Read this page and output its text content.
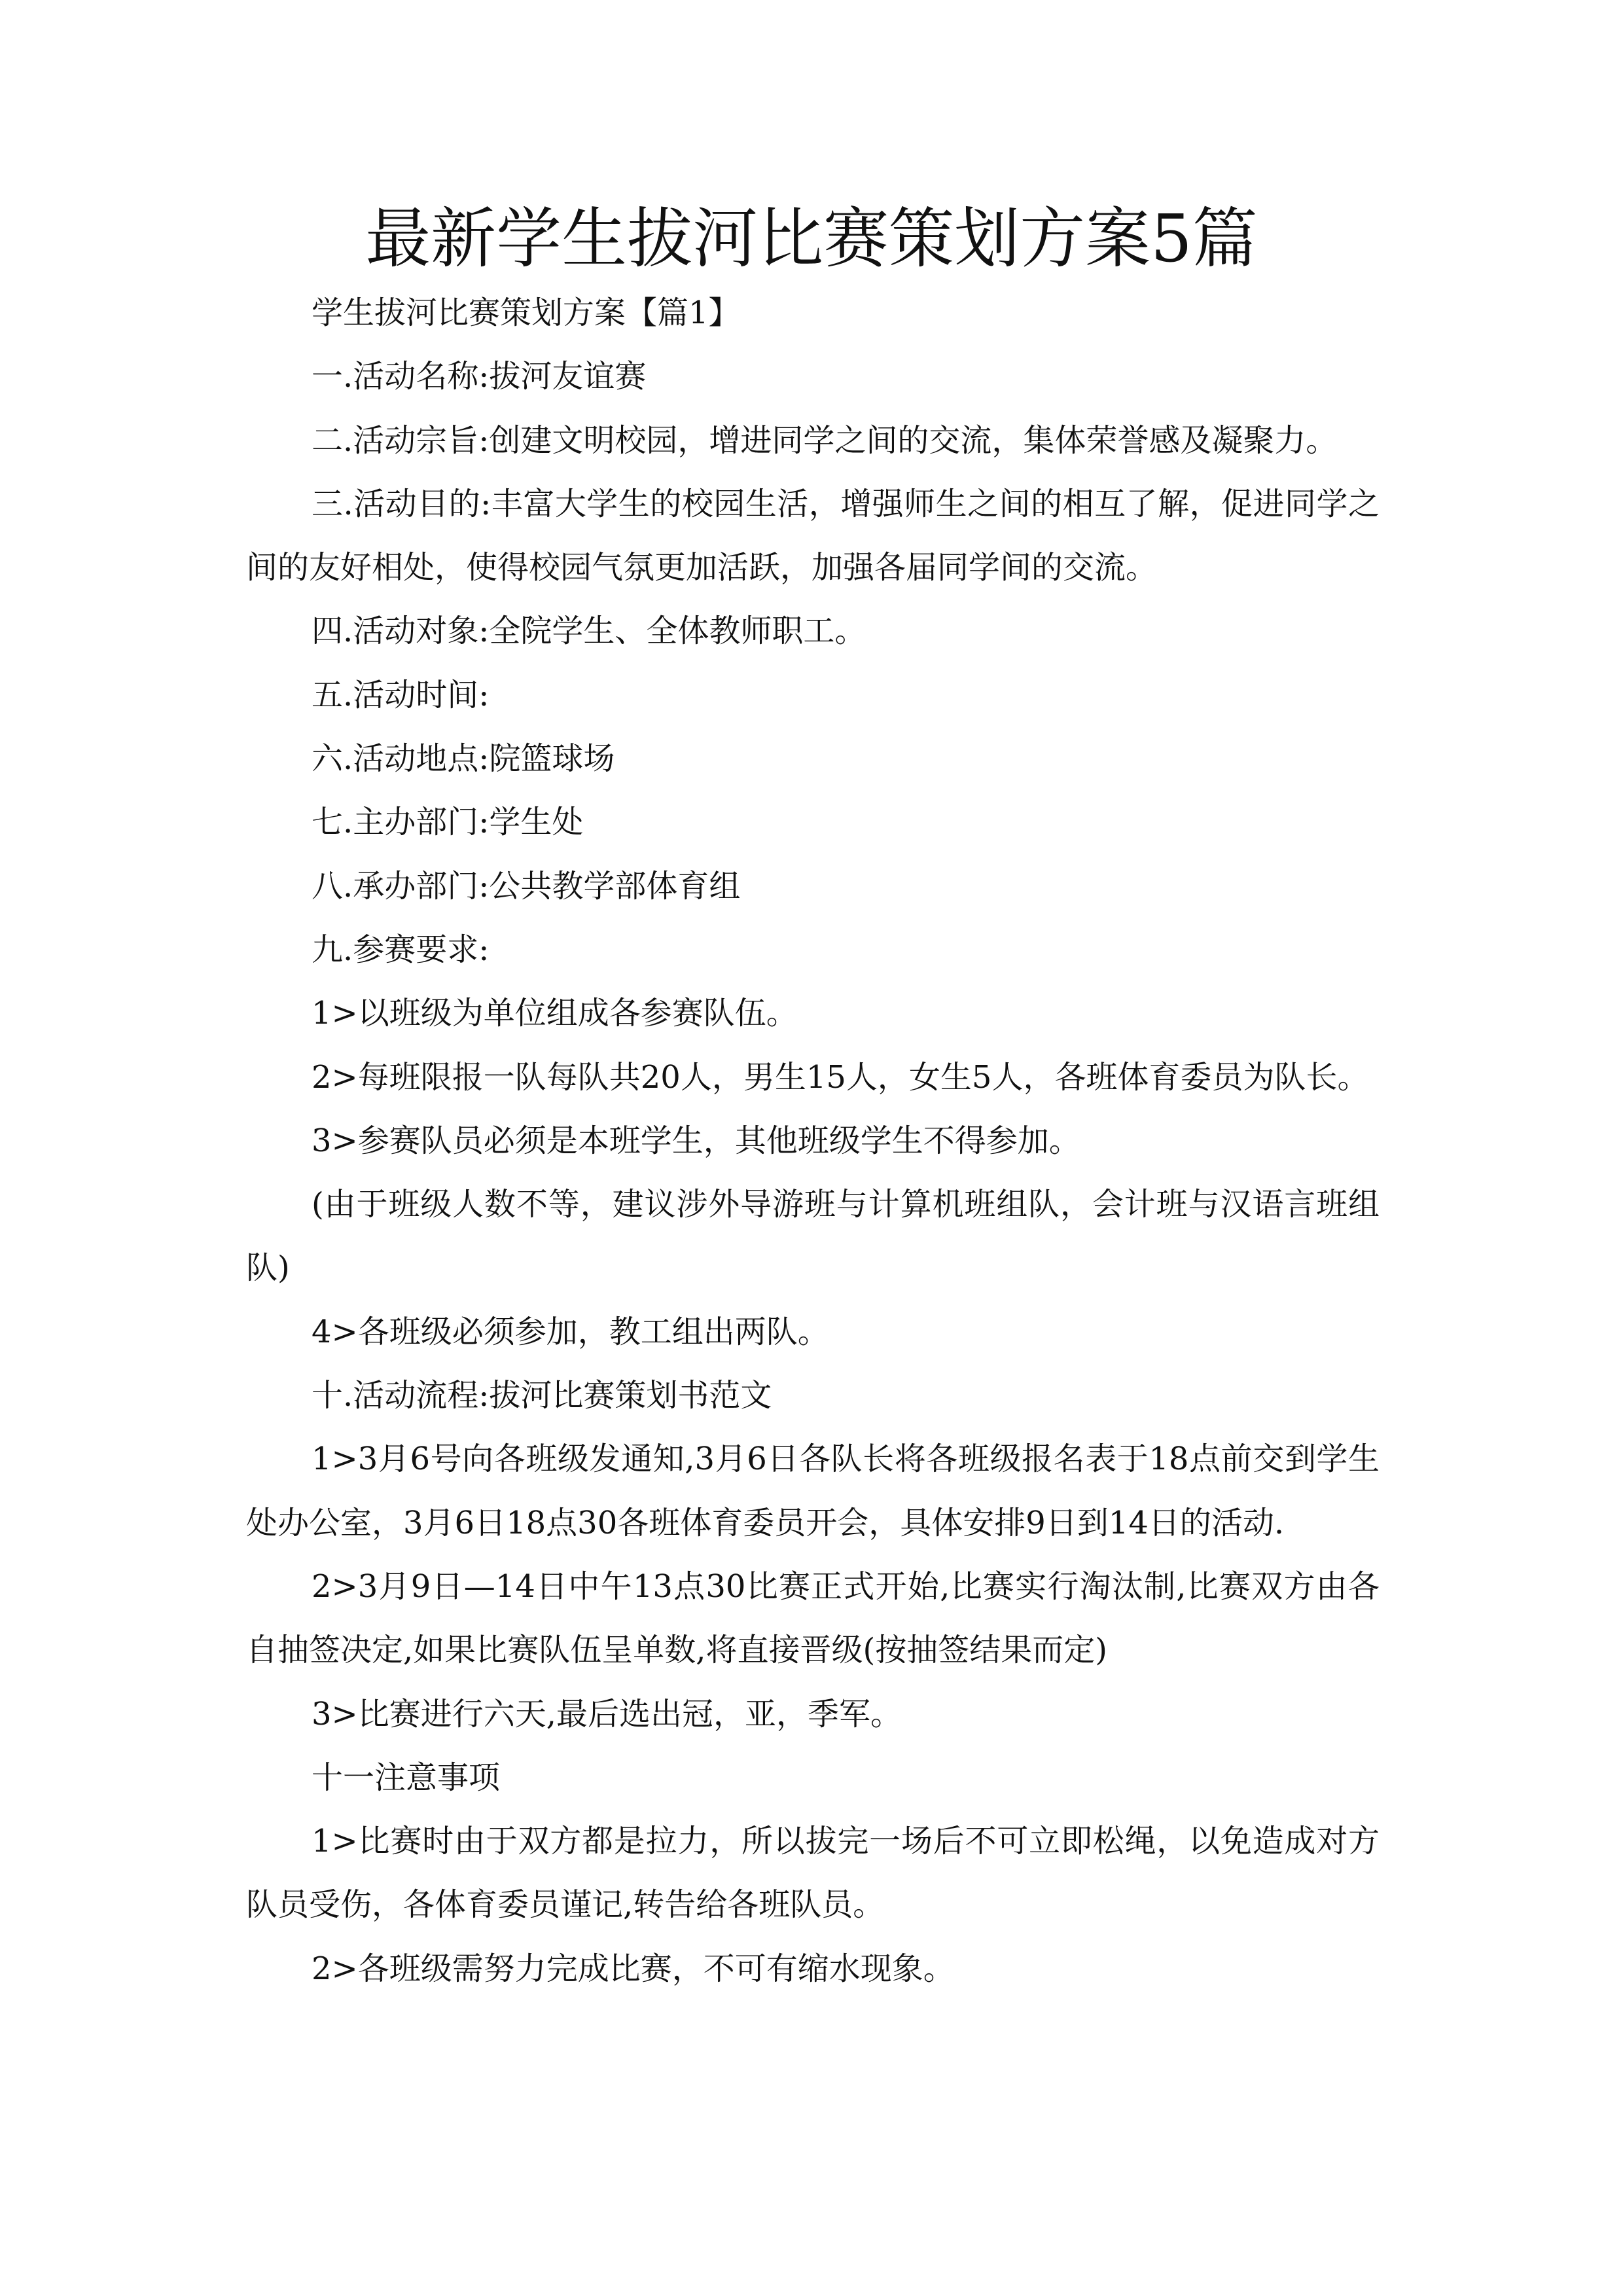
最新学生拔河比赛策划方案5篇

学生拔河比赛策划方案【篇1】

一.活动名称:拔河友谊赛

二.活动宗旨:创建文明校园，增进同学之间的交流，集体荣誉感及凝聚力。

三.活动目的:丰富大学生的校园生活，增强师生之间的相互了解，促进同学之间的友好相处，使得校园气氛更加活跃，加强各届同学间的交流。

四.活动对象:全院学生、全体教师职工。

五.活动时间:

六.活动地点:院篮球场

七.主办部门:学生处

八.承办部门:公共教学部体育组

九.参赛要求:

1>以班级为单位组成各参赛队伍。

2>每班限报一队每队共20人，男生15人，女生5人，各班体育委员为队长。

3>参赛队员必须是本班学生，其他班级学生不得参加。

(由于班级人数不等，建议涉外导游班与计算机班组队，会计班与汉语言班组队)

4>各班级必须参加，教工组出两队。

十.活动流程:拔河比赛策划书范文

1>3月6号向各班级发通知,3月6日各队长将各班级报名表于18点前交到学生处办公室，3月6日18点30各班体育委员开会，具体安排9日到14日的活动.

2>3月9日—14日中午13点30比赛正式开始,比赛实行淘汰制,比赛双方由各自抽签决定,如果比赛队伍呈单数,将直接晋级(按抽签结果而定)

3>比赛进行六天,最后选出冠，亚，季军。

十一注意事项

1>比赛时由于双方都是拉力，所以拔完一场后不可立即松绳，以免造成对方队员受伤，各体育委员谨记,转告给各班队员。

2>各班级需努力完成比赛，不可有缩水现象。
